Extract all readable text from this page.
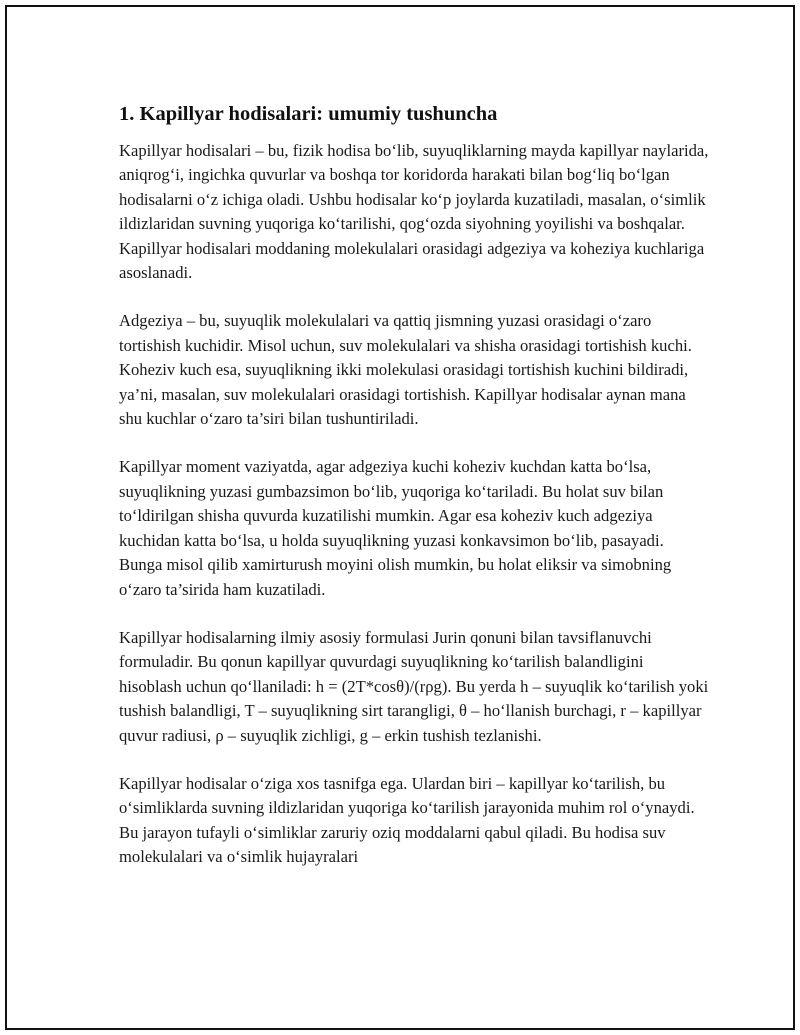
1. Kapillyar hodisalari: umumiy tushuncha

Kapillyar hodisalari – bu, fizik hodisa bo‘lib, suyuqliklarning mayda kapillyar naylarida, aniqrog‘i, ingichka quvurlar va boshqa tor koridorda harakati bilan bog‘liq bo‘lgan hodisalarni o‘z ichiga oladi. Ushbu hodisalar ko‘p joylarda kuzatiladi, masalan, o‘simlik ildizlaridan suvning yuqoriga ko‘tarilishi, qog‘ozda siyohning yoyilishi va boshqalar. Kapillyar hodisalari moddaning molekulalari orasidagi adgeziya va koheziya kuchlariga asoslanadi.

Adgeziya – bu, suyuqlik molekulalari va qattiq jismning yuzasi orasidagi o‘zaro tortishish kuchidir. Misol uchun, suv molekulalari va shisha orasidagi tortishish kuchi. Koheziv kuch esa, suyuqlikning ikki molekulasi orasidagi tortishish kuchini bildiradi, ya’ni, masalan, suv molekulalari orasidagi tortishish. Kapillyar hodisalar aynan mana shu kuchlar o‘zaro ta’siri bilan tushuntiriladi.

Kapillyar moment vaziyatda, agar adgeziya kuchi koheziv kuchdan katta bo‘lsa, suyuqlikning yuzasi gumbazsimon bo‘lib, yuqoriga ko‘tariladi. Bu holat suv bilan to‘ldirilgan shisha quvurda kuzatilishi mumkin. Agar esa koheziv kuch adgeziya kuchidan katta bo‘lsa, u holda suyuqlikning yuzasi konkavsimon bo‘lib, pasayadi. Bunga misol qilib xamirturush moyini olish mumkin, bu holat eliksir va simobning o‘zaro ta’sirida ham kuzatiladi.

Kapillyar hodisalarning ilmiy asosiy formulasi Jurin qonuni bilan tavsiflanuvchi formuladir. Bu qonun kapillyar quvurdagi suyuqlikning ko‘tarilish balandligini hisoblash uchun qo‘llaniladi: h = (2T*cosθ)/(rρg). Bu yerda h – suyuqlik ko‘tarilish yoki tushish balandligi, T – suyuqlikning sirt tarangligi, θ – ho‘llanish burchagi, r – kapillyar quvur radiusi, ρ – suyuqlik zichligi, g – erkin tushish tezlanishi.

Kapillyar hodisalar o‘ziga xos tasnifga ega. Ulardan biri – kapillyar ko‘tarilish, bu o‘simliklarda suvning ildizlaridan yuqoriga ko‘tarilish jarayonida muhim rol o‘ynaydi. Bu jarayon tufayli o‘simliklar zaruriy oziq moddalarni qabul qiladi. Bu hodisa suv molekulalari va o‘simlik hujayralari
